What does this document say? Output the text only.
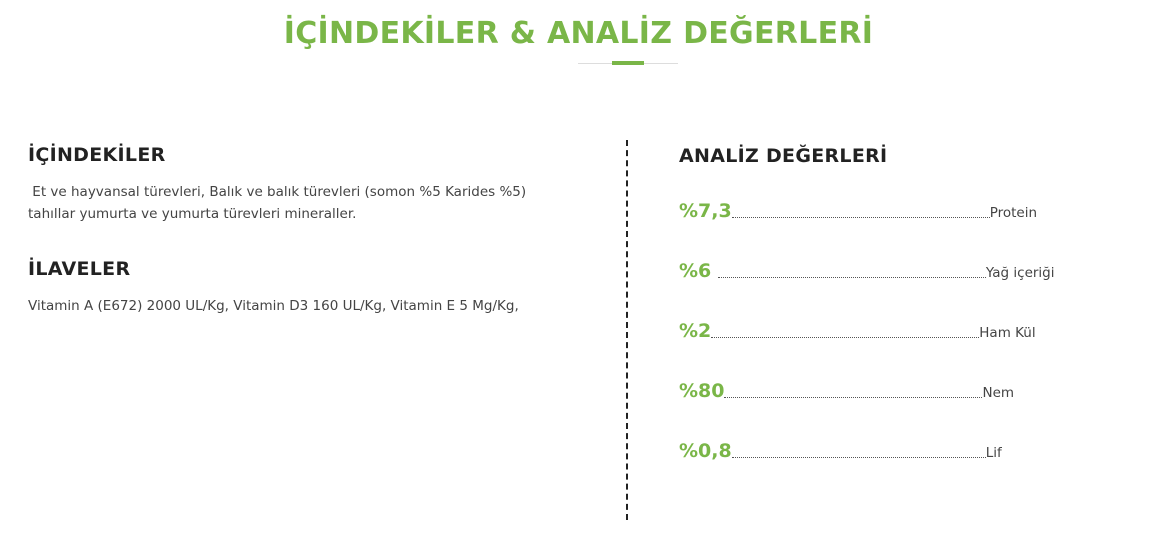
İÇİNDEKİLER & ANALİZ DEĞERLERİ
İÇİNDEKİLER
Et ve hayvansal türevleri, Balık ve balık türevleri (somon %5 Karides %5)
tahıllar yumurta ve yumurta türevleri mineraller.
İLAVELER
Vitamin A (E672) 2000 UL/Kg, Vitamin D3 160 UL/Kg, Vitamin E 5 Mg/Kg,
ANALİZ DEĞERLERİ
%7,3	Protein
%6	Yağ içeriği
%2	Ham Kül
%80	Nem
%0,8	Lif
